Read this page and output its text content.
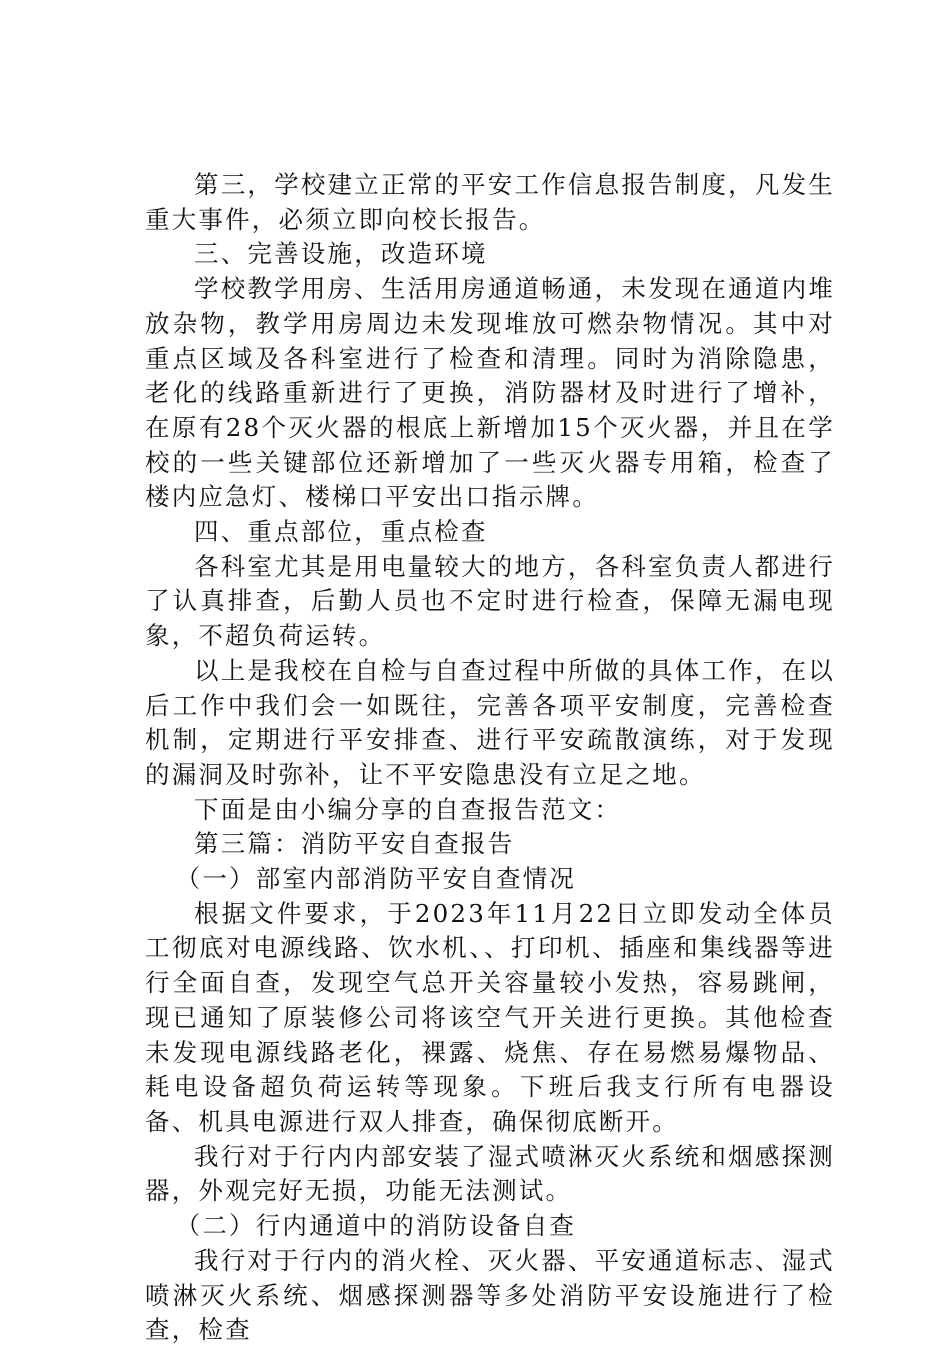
第三，学校建立正常的平安工作信息报告制度，凡发生重大事件，必须立即向校长报告。

三、完善设施，改造环境

学校教学用房、生活用房通道畅通，未发现在通道内堆放杂物，教学用房周边未发现堆放可燃杂物情况。其中对重点区域及各科室进行了检查和清理。同时为消除隐患，老化的线路重新进行了更换，消防器材及时进行了增补，在原有28个灭火器的根底上新增加15个灭火器，并且在学校的一些关键部位还新增加了一些灭火器专用箱，检查了楼内应急灯、楼梯口平安出口指示牌。

四、重点部位，重点检查

各科室尤其是用电量较大的地方，各科室负责人都进行了认真排查，后勤人员也不定时进行检查，保障无漏电现象，不超负荷运转。

以上是我校在自检与自查过程中所做的具体工作，在以后工作中我们会一如既往，完善各项平安制度，完善检查机制，定期进行平安排查、进行平安疏散演练，对于发现的漏洞及时弥补，让不平安隐患没有立足之地。

下面是由小编分享的自查报告范文：

第三篇：消防平安自查报告

（一）部室内部消防平安自查情况

根据文件要求，于2023年11月22日立即发动全体员工彻底对电源线路、饮水机、、打印机、插座和集线器等进行全面自查，发现空气总开关容量较小发热，容易跳闸，现已通知了原装修公司将该空气开关进行更换。其他检查未发现电源线路老化，裸露、烧焦、存在易燃易爆物品、耗电设备超负荷运转等现象。下班后我支行所有电器设备、机具电源进行双人排查，确保彻底断开。

我行对于行内内部安装了湿式喷淋灭火系统和烟感探测器，外观完好无损，功能无法测试。

（二）行内通道中的消防设备自查

我行对于行内的消火栓、灭火器、平安通道标志、湿式喷淋灭火系统、烟感探测器等多处消防平安设施进行了检查，检查
